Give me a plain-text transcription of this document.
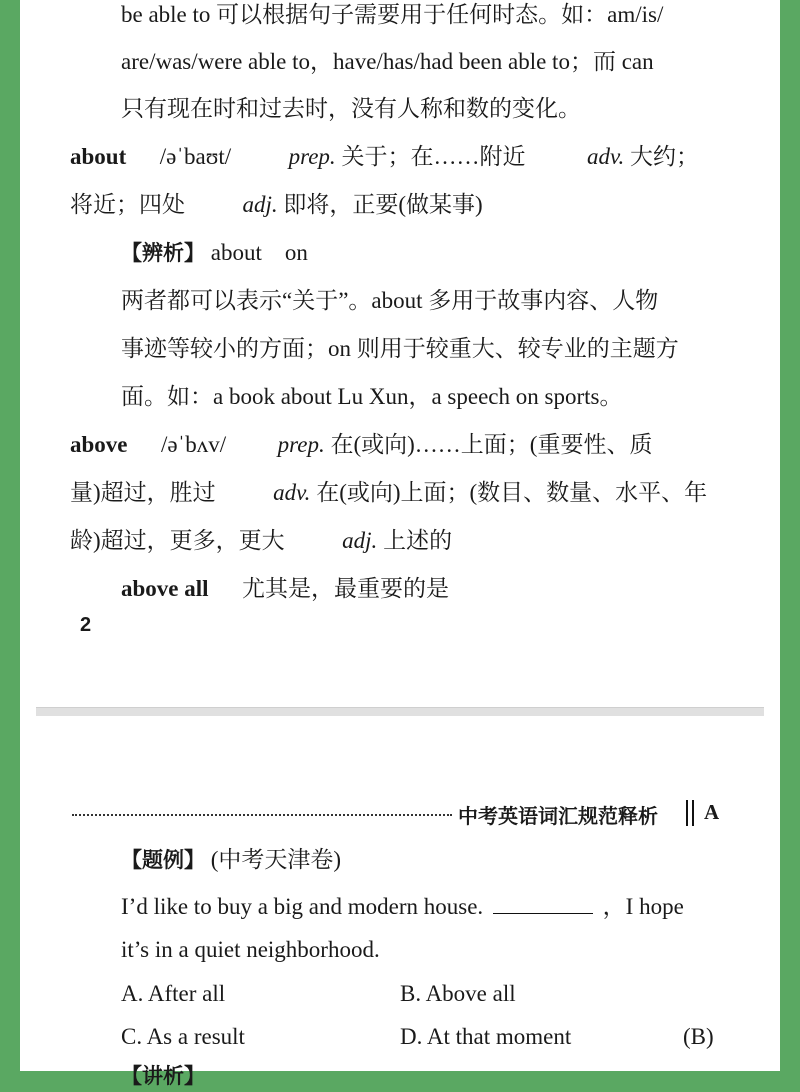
be able to 可以根据句子需要用于任何时态。如：am/is/
are/was/were able to，have/has/had been able to；而 can
只有现在时和过去时，没有人称和数的变化。
about /əˈbaʊt/	prep. 关于；在……附近	adv. 大约；
将近；四处	adj. 即将，正要(做某事)
【辨析】 about　on
两者都可以表示“关于”。about 多用于故事内容、人物
事迹等较小的方面；on 则用于较重大、较专业的主题方
面。如：a book about Lu Xun，a speech on sports。
above /əˈbʌv/ prep. 在(或向)……上面；(重要性、质
量)超过，胜过	adv. 在(或向)上面；(数目、数量、水平、年
龄)超过，更多，更大	adj. 上述的
above all 尤其是，最重要的是
2
中考英语词汇规范释析 A
【题例】 (中考天津卷)
I’d like to buy a big and modern house.	，I hope
it’s in a quiet neighborhood.
A. After all	B. Above all
C. As a result	D. At that moment	(B)
【讲析】
